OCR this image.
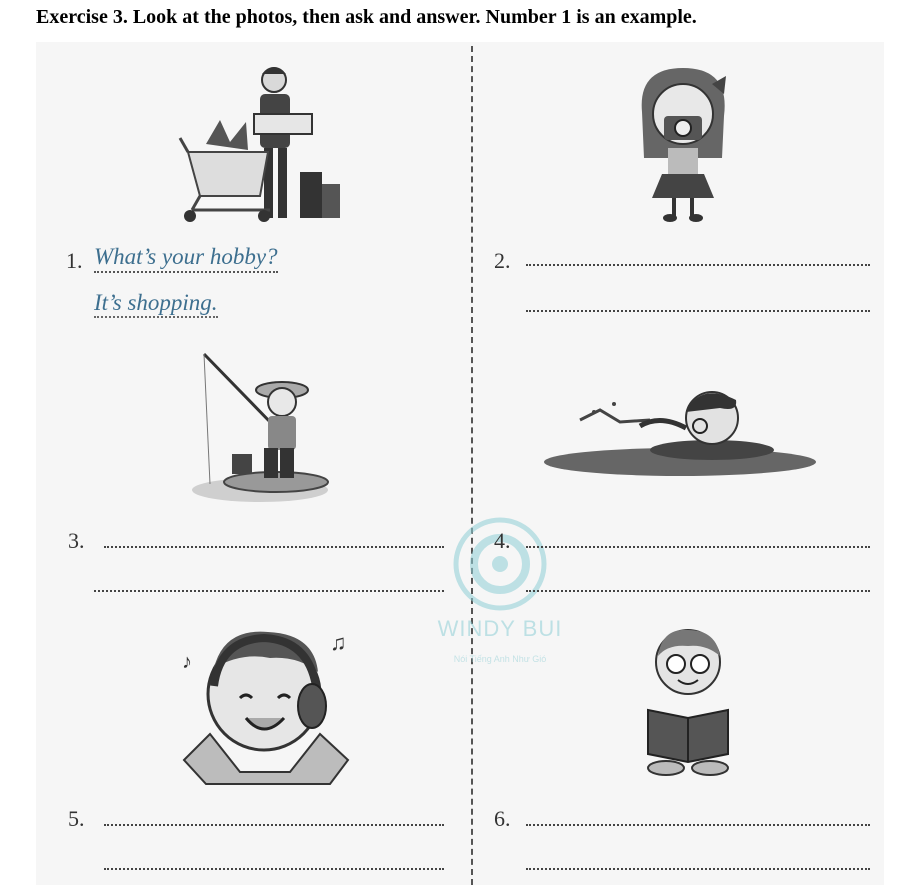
Exercise 3. Look at the photos, then ask and answer. Number 1 is an example.
♫
♪
WINDY BUI
Nói Tiếng Anh Như Gió
1. What’s your hobby?
It’s shopping.
2.
3.	4.
5.	6.
